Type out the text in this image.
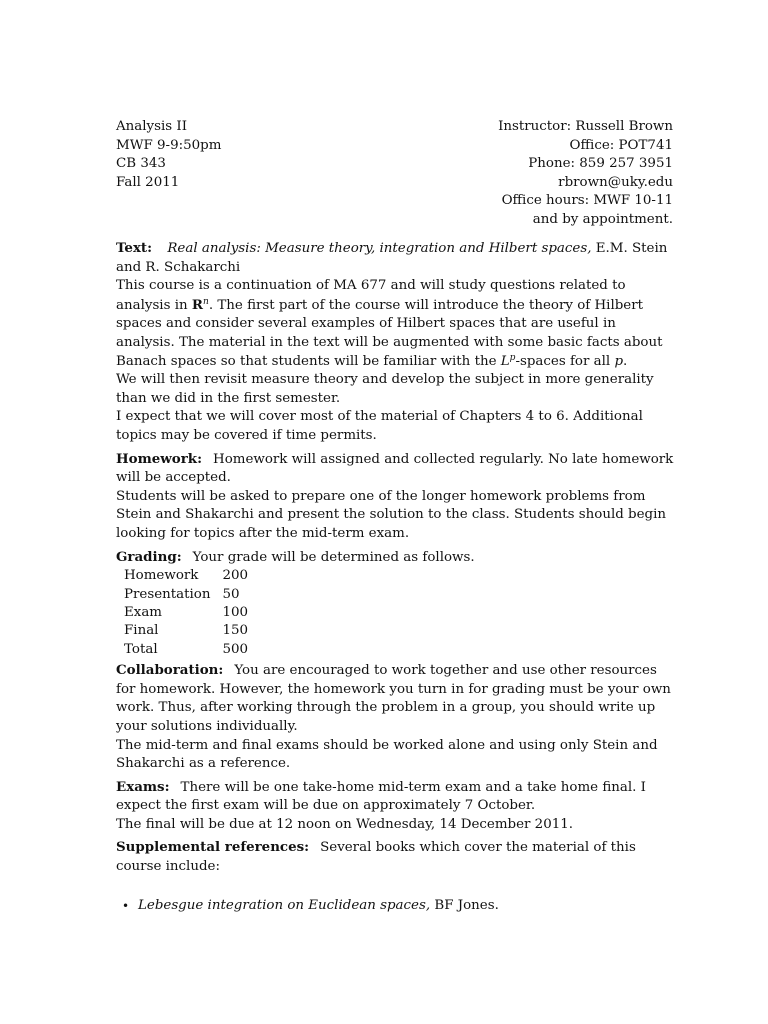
Analysis II
MWF 9-9:50pm
CB 343
Fall 2011
Instructor: Russell Brown
Office: POT741
Phone: 859 257 3951
rbrown@uky.edu
Office hours: MWF 10-11
and by appointment.

Text: Real analysis: Measure theory, integration and Hilbert spaces, E.M. Stein and R. Schakarchi

This course is a continuation of MA 677 and will study questions related to analysis in $R^n$. The first part of the course will introduce the theory of Hilbert spaces and consider several examples of Hilbert spaces that are useful in analysis. The material in the text will be augmented with some basic facts about Banach spaces so that students will be familiar with the $L^p$-spaces for all p.

We will then revisit measure theory and develop the subject in more generality than we did in the first semester.

I expect that we will cover most of the material of Chapters 4 to 6. Additional topics may be covered if time permits.

Homework: Homework will assigned and collected regularly. No late homework will be accepted.

Students will be asked to prepare one of the longer homework problems from Stein and Shakarchi and present the solution to the class. Students should begin looking for topics after the mid-term exam.

Grading: Your grade will be determined as follows.

Homework	200
Presentation	50
Exam	100
Final	150
Total	500

Collaboration: You are encouraged to work together and use other resources for homework. However, the homework you turn in for grading must be your own work. Thus, after working through the problem in a group, you should write up your solutions individually.

The mid-term and final exams should be worked alone and using only Stein and Shakarchi as a reference.

Exams: There will be one take-home mid-term exam and a take home final. I expect the first exam will be due on approximately 7 October.

The final will be due at 12 noon on Wednesday, 14 December 2011.

Supplemental references: Several books which cover the material of this course include:

• Lebesgue integration on Euclidean spaces, BF Jones.
